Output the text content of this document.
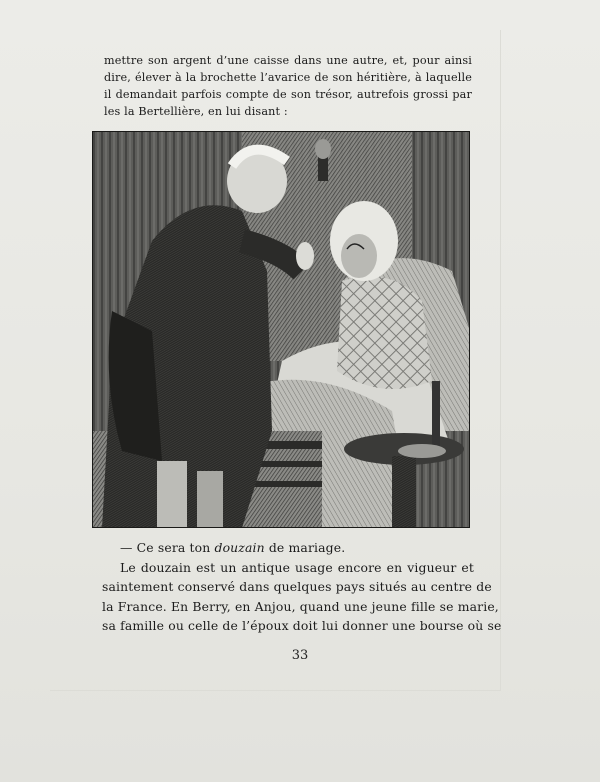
mettre son argent d’une caisse dans une autre, et, pour ainsi
dire, élever à la brochette l’avarice de son héritière, à laquelle
il demandait parfois compte de son trésor, autrefois grossi par
les la Bertellière, en lui disant :
— Ce sera ton douzain de mariage.
Le douzain est un antique usage encore en vigueur et
saintement conservé dans quelques pays situés au centre de
la France. En Berry, en Anjou, quand une jeune fille se marie,
sa famille ou celle de l’époux doit lui donner une bourse où se
33
